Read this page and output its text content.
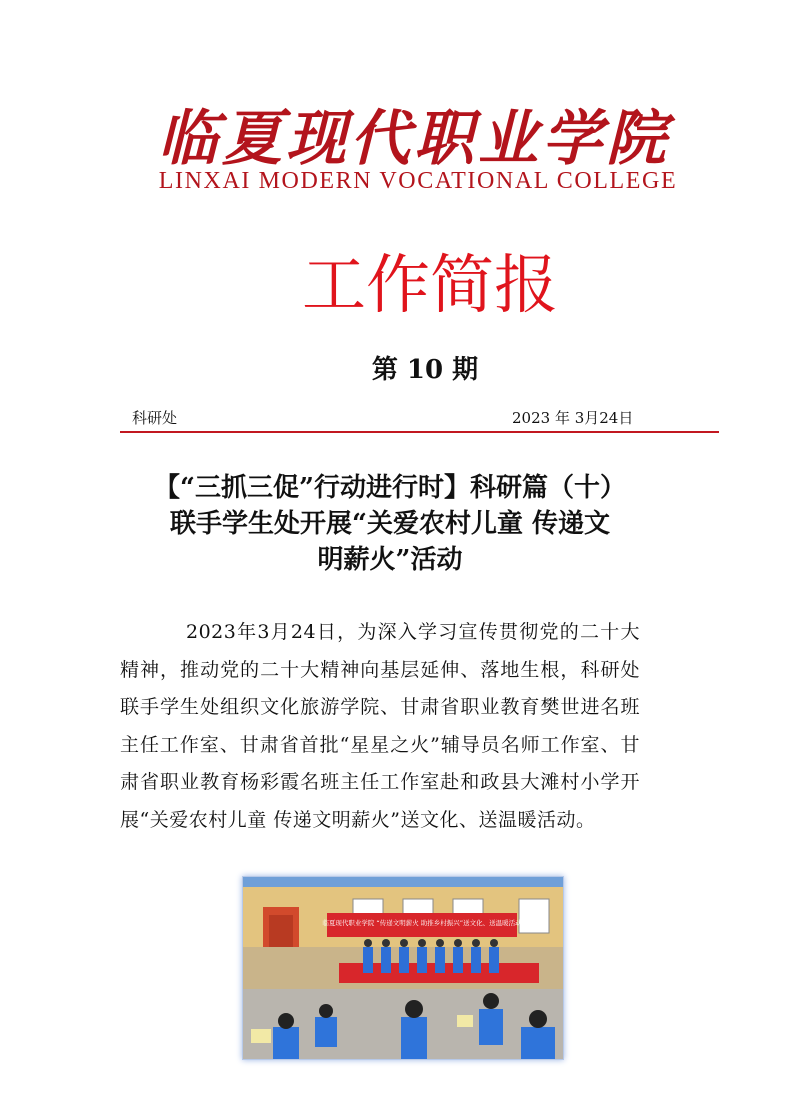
临夏现代职业学院
LINXAI MODERN VOCATIONAL COLLEGE
工作简报
第 10 期
科研处	2023 年 3月24日
【“三抓三促”行动进行时】科研篇（十）
联手学生处开展“关爱农村儿童 传递文
明薪火”活动
2023年3月24日，为深入学习宣传贯彻党的二十大精神，推动党的二十大精神向基层延伸、落地生根，科研处联手学生处组织文化旅游学院、甘肃省职业教育樊世进名班主任工作室、甘肃省首批“星星之火”辅导员名师工作室、甘肃省职业教育杨彩霞名班主任工作室赴和政县大滩村小学开展“关爱农村儿童 传递文明薪火”送文化、送温暖活动。
临夏现代职业学院 “传递文明薪火 助推乡村振兴”送文化、送温暖活动
